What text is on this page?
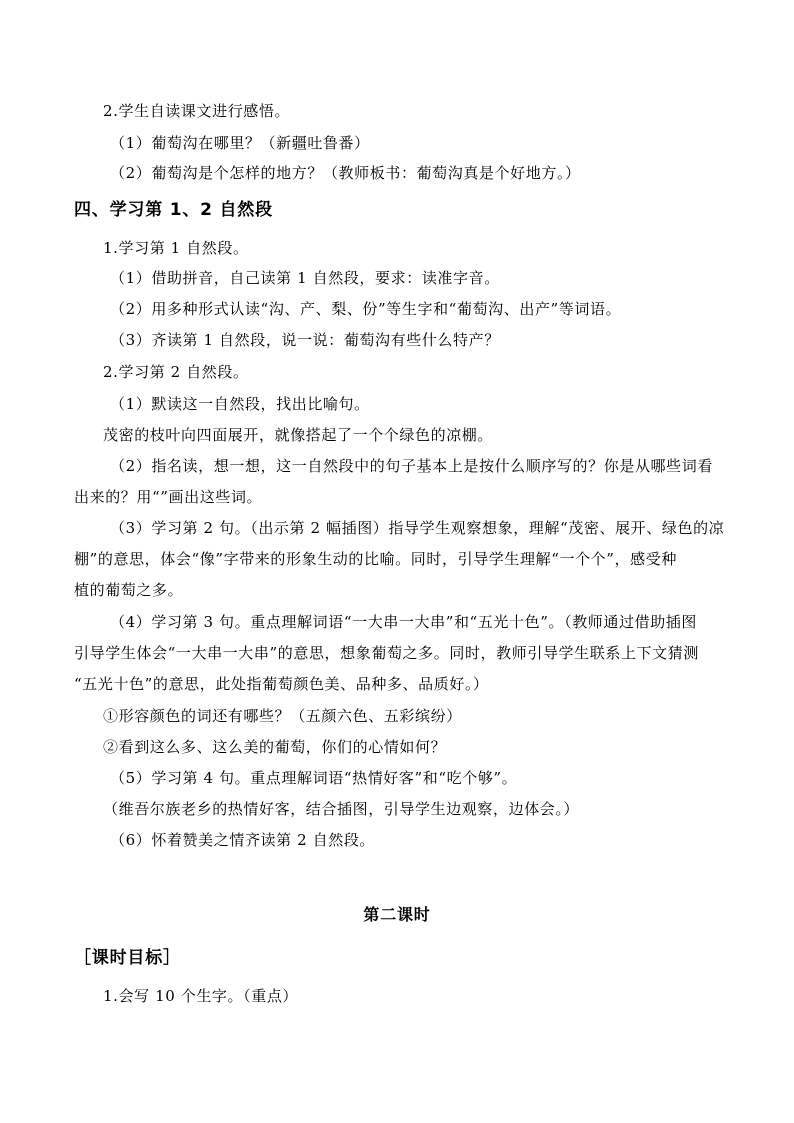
2.学生自读课文进行感悟。
（1）葡萄沟在哪里？（新疆吐鲁番）
（2）葡萄沟是个怎样的地方？（教师板书：葡萄沟真是个好地方。）
四、学习第 1、2 自然段
1.学习第 1 自然段。
（1）借助拼音，自己读第 1 自然段，要求：读准字音。
（2）用多种形式认读“沟、产、梨、份”等生字和“葡萄沟、出产”等词语。
（3）齐读第 1 自然段，说一说：葡萄沟有些什么特产？
2.学习第 2 自然段。
（1）默读这一自然段，找出比喻句。
茂密的枝叶向四面展开，就像搭起了一个个绿色的凉棚。
（2）指名读，想一想，这一自然段中的句子基本上是按什么顺序写的？你是从哪些词看
出来的？用“”画出这些词。
（3）学习第 2 句。（出示第 2 幅插图）指导学生观察想象，理解“茂密、展开、绿色的凉
棚”的意思，体会“像”字带来的形象生动的比喻。同时，引导学生理解“一个个”，感受种
植的葡萄之多。
（4）学习第 3 句。重点理解词语“一大串一大串”和“五光十色”。（教师通过借助插图
引导学生体会“一大串一大串”的意思，想象葡萄之多。同时，教师引导学生联系上下文猜测
“五光十色”的意思，此处指葡萄颜色美、品种多、品质好。）
①形容颜色的词还有哪些？（五颜六色、五彩缤纷）
②看到这么多、这么美的葡萄，你们的心情如何？
（5）学习第 4 句。重点理解词语“热情好客”和“吃个够”。
（维吾尔族老乡的热情好客，结合插图，引导学生边观察，边体会。）
（6）怀着赞美之情齐读第 2 自然段。
第二课时
［课时目标］
1.会写 10 个生字。（重点）
